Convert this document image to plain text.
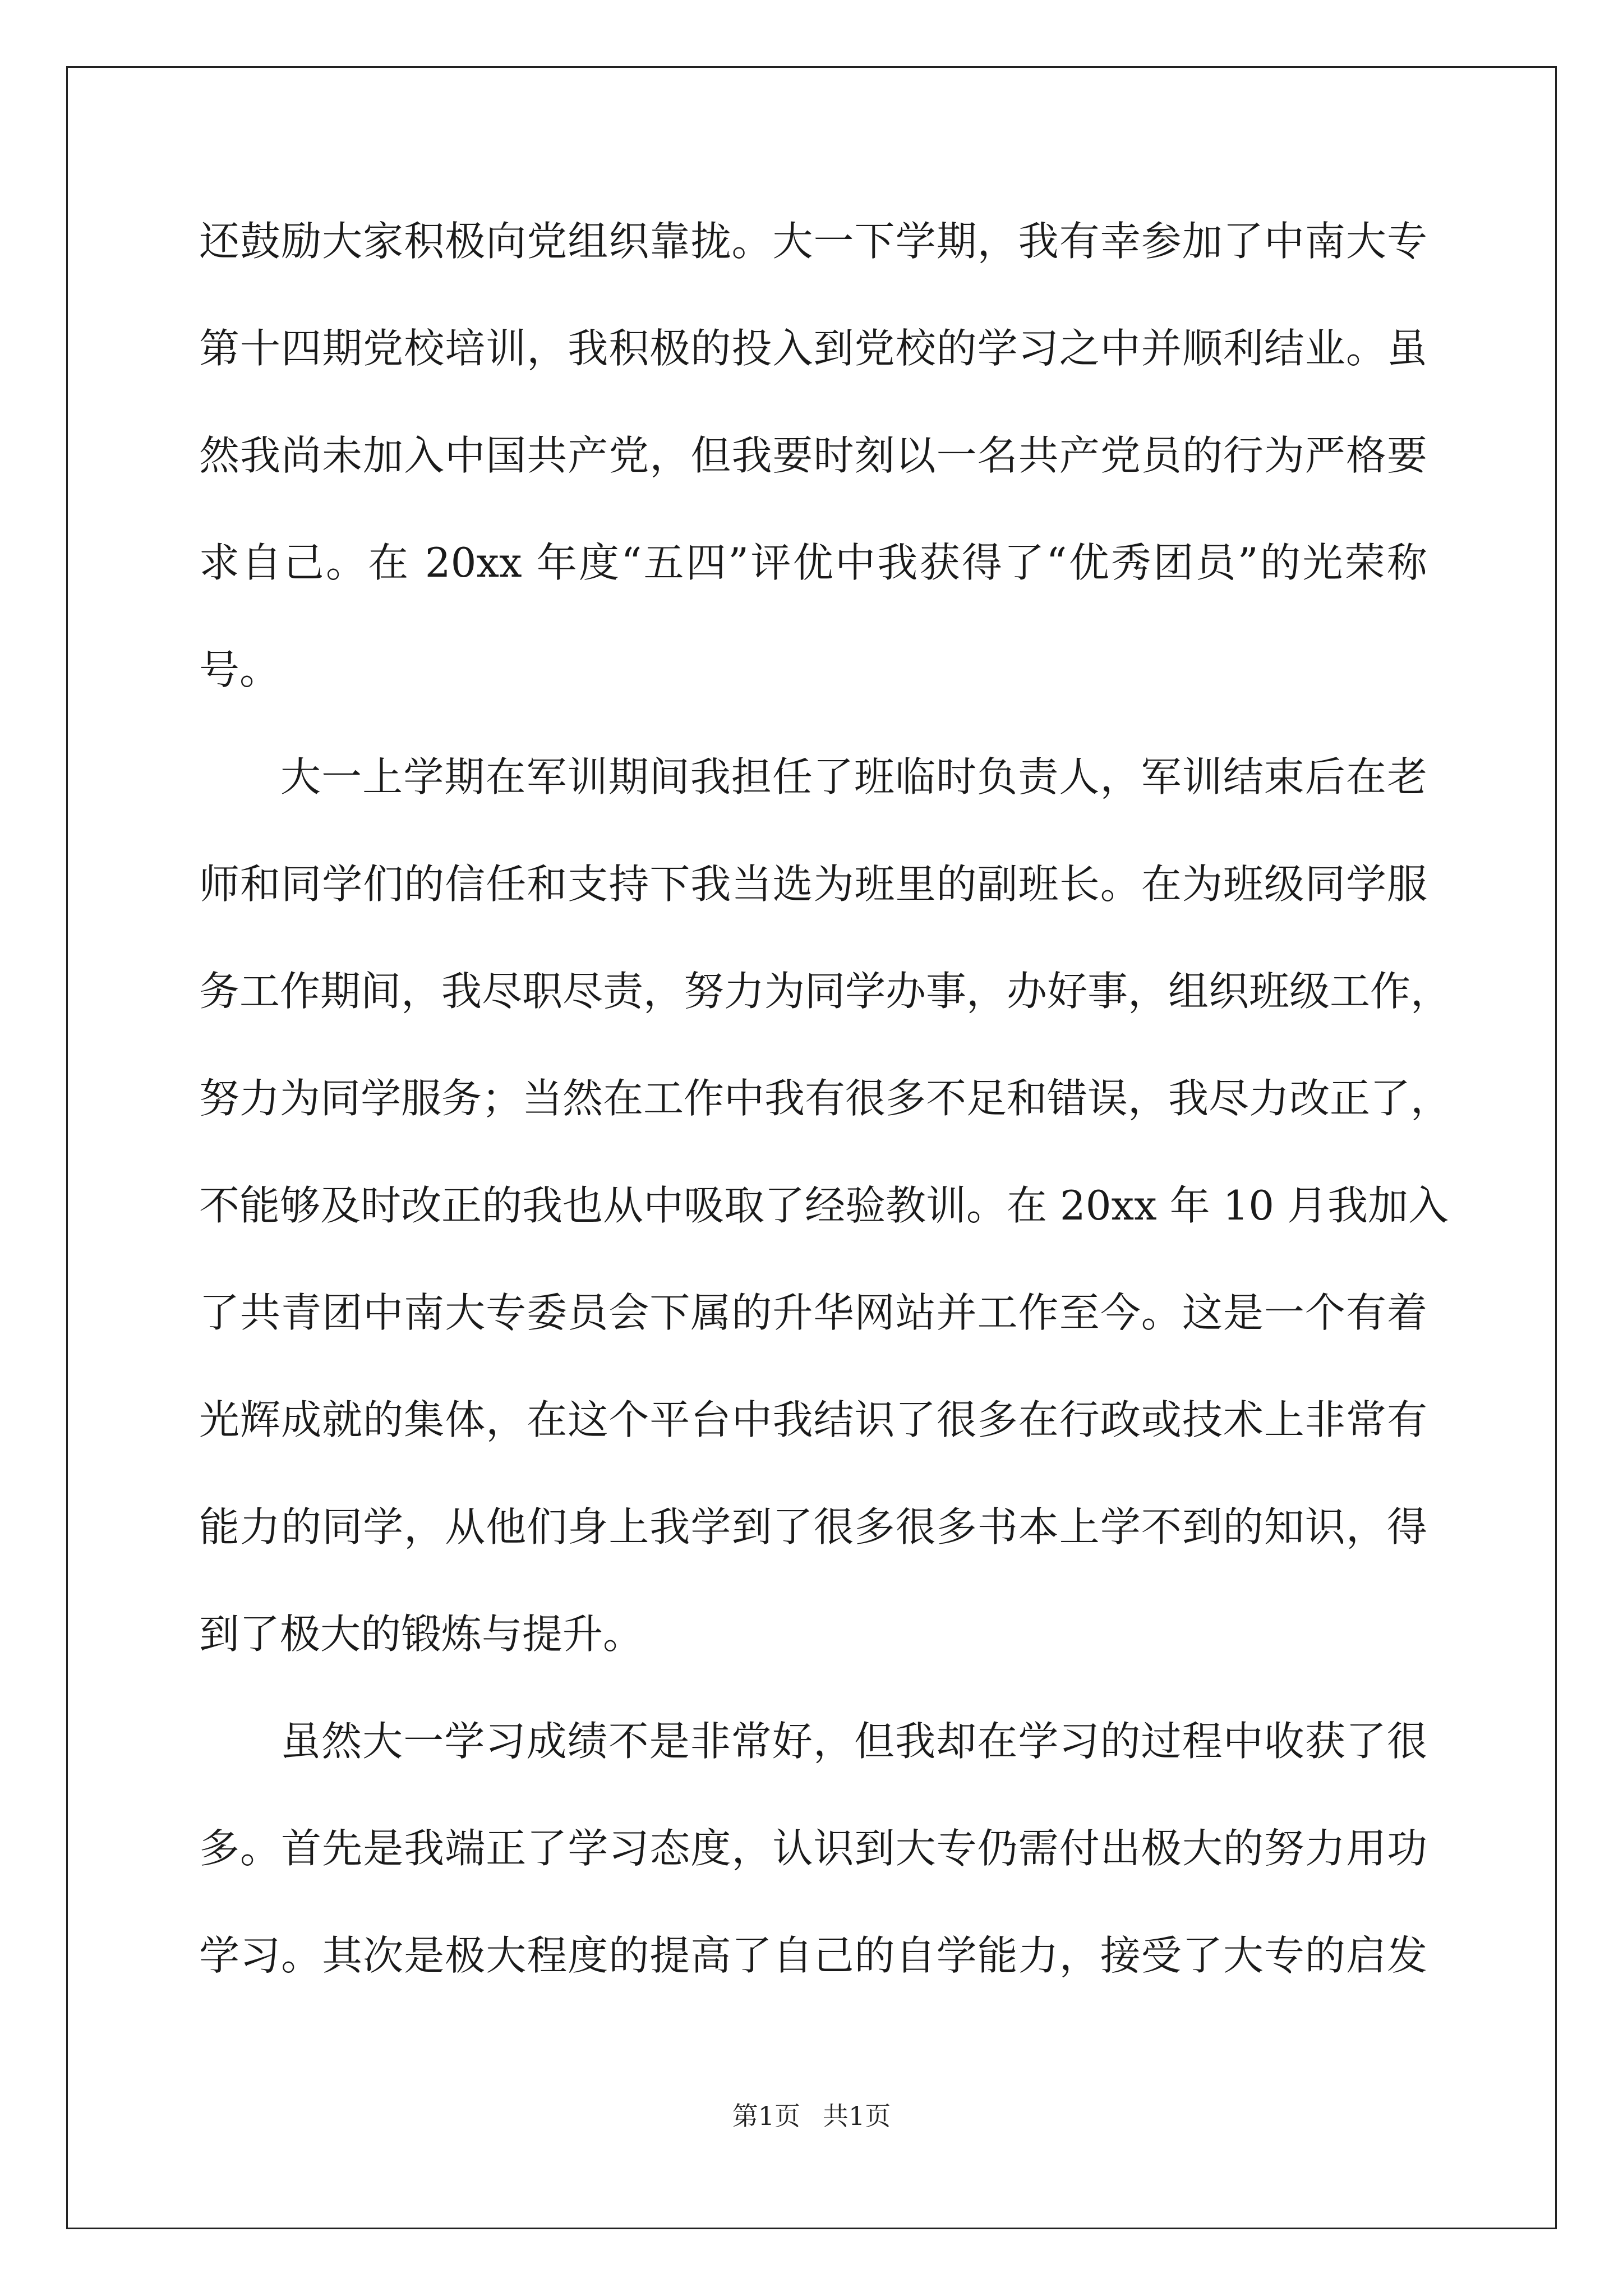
还鼓励大家积极向党组织靠拢。大一下学期，我有幸参加了中南大专
第十四期党校培训，我积极的投入到党校的学习之中并顺利结业。虽
然我尚未加入中国共产党，但我要时刻以一名共产党员的行为严格要
求自己。在 20xx 年度“五四”评优中我获得了“优秀团员”的光荣称
号。
大一上学期在军训期间我担任了班临时负责人，军训结束后在老
师和同学们的信任和支持下我当选为班里的副班长。在为班级同学服
务工作期间，我尽职尽责，努力为同学办事，办好事，组织班级工作，
努力为同学服务；当然在工作中我有很多不足和错误，我尽力改正了，
不能够及时改正的我也从中吸取了经验教训。在 20xx 年 10 月我加入
了共青团中南大专委员会下属的升华网站并工作至今。这是一个有着
光辉成就的集体，在这个平台中我结识了很多在行政或技术上非常有
能力的同学，从他们身上我学到了很多很多书本上学不到的知识，得
到了极大的锻炼与提升。
虽然大一学习成绩不是非常好，但我却在学习的过程中收获了很
多。首先是我端正了学习态度，认识到大专仍需付出极大的努力用功
学习。其次是极大程度的提高了自己的自学能力，接受了大专的启发
第1页 共1页
